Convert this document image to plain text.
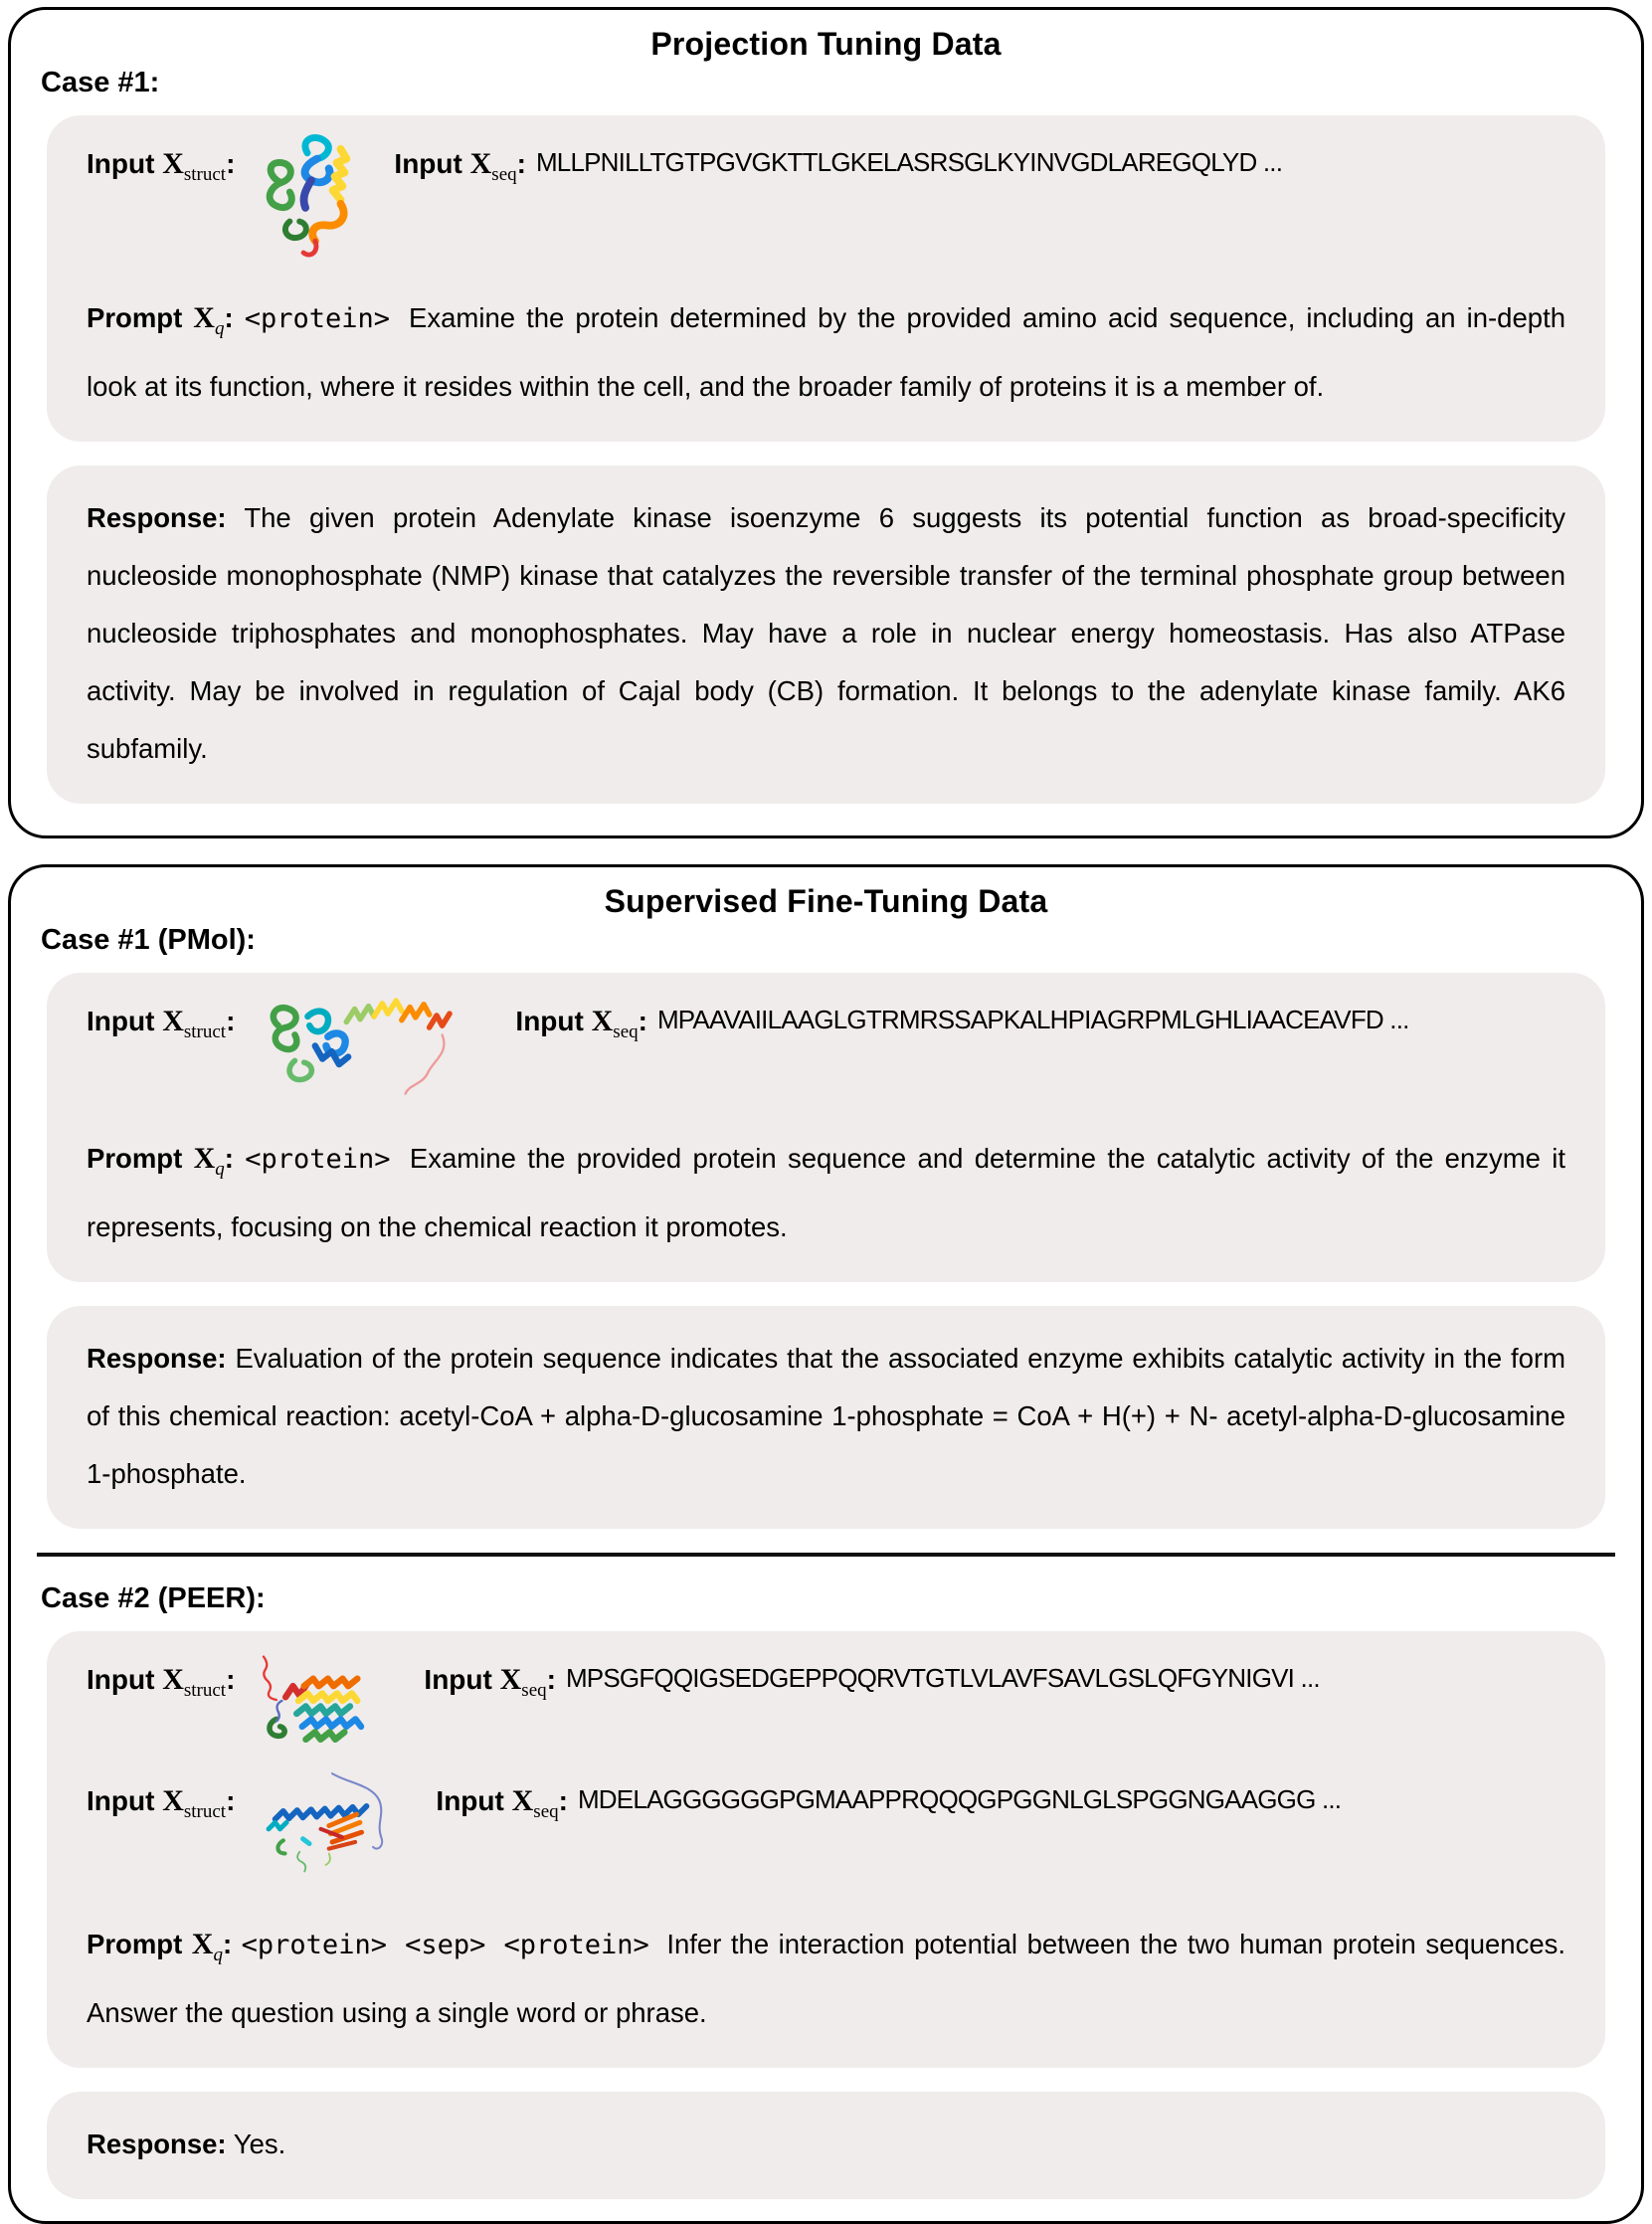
Projection Tuning Data
Case #1:
Input $X_{struct}$:	Input $X_{seq}$: MLLPNILLTGTPGVGKTTLGKELASRSGLKYINVGDLAREGQLYD ...

Prompt $X_q$: <protein> Examine the protein determined by the provided amino acid sequence, including an in-depth look at its function, where it resides within the cell, and the broader family of proteins it is a member of.

Response: The given protein Adenylate kinase isoenzyme 6 suggests its potential function as broad-specificity nucleoside monophosphate (NMP) kinase that catalyzes the reversible transfer of the terminal phosphate group between nucleoside triphosphates and monophosphates. May have a role in nuclear energy homeostasis. Has also ATPase activity. May be involved in regulation of Cajal body (CB) formation. It belongs to the adenylate kinase family. AK6 subfamily.

Supervised Fine-Tuning Data
Case #1 (PMol):
Input $X_{struct}$:	Input $X_{seq}$: MPAAVAIILAAGLGTRMRSSAPKALHPIAGRPMLGHLIAACEAVFD ...

Prompt $X_q$: <protein> Examine the provided protein sequence and determine the catalytic activity of the enzyme it represents, focusing on the chemical reaction it promotes.

Response: Evaluation of the protein sequence indicates that the associated enzyme exhibits catalytic activity in the form of this chemical reaction: acetyl-CoA + alpha-D-glucosamine 1-phosphate = CoA + H(+) + N- acetyl-alpha-D-glucosamine 1-phosphate.

Case #2 (PEER):
Input $X_{struct}$:	Input $X_{seq}$: MPSGFQQIGSEDGEPPQQRVTGTLVLAVFSAVLGSLQFGYNIGVI ...
Input $X_{struct}$:	Input $X_{seq}$: MDELAGGGGGGPGMAAPPRQQQGPGGNLGLSPGGNGAAGGG ...

Prompt $X_q$: <protein> <sep> <protein> Infer the interaction potential between the two human protein sequences. Answer the question using a single word or phrase.

Response: Yes.
